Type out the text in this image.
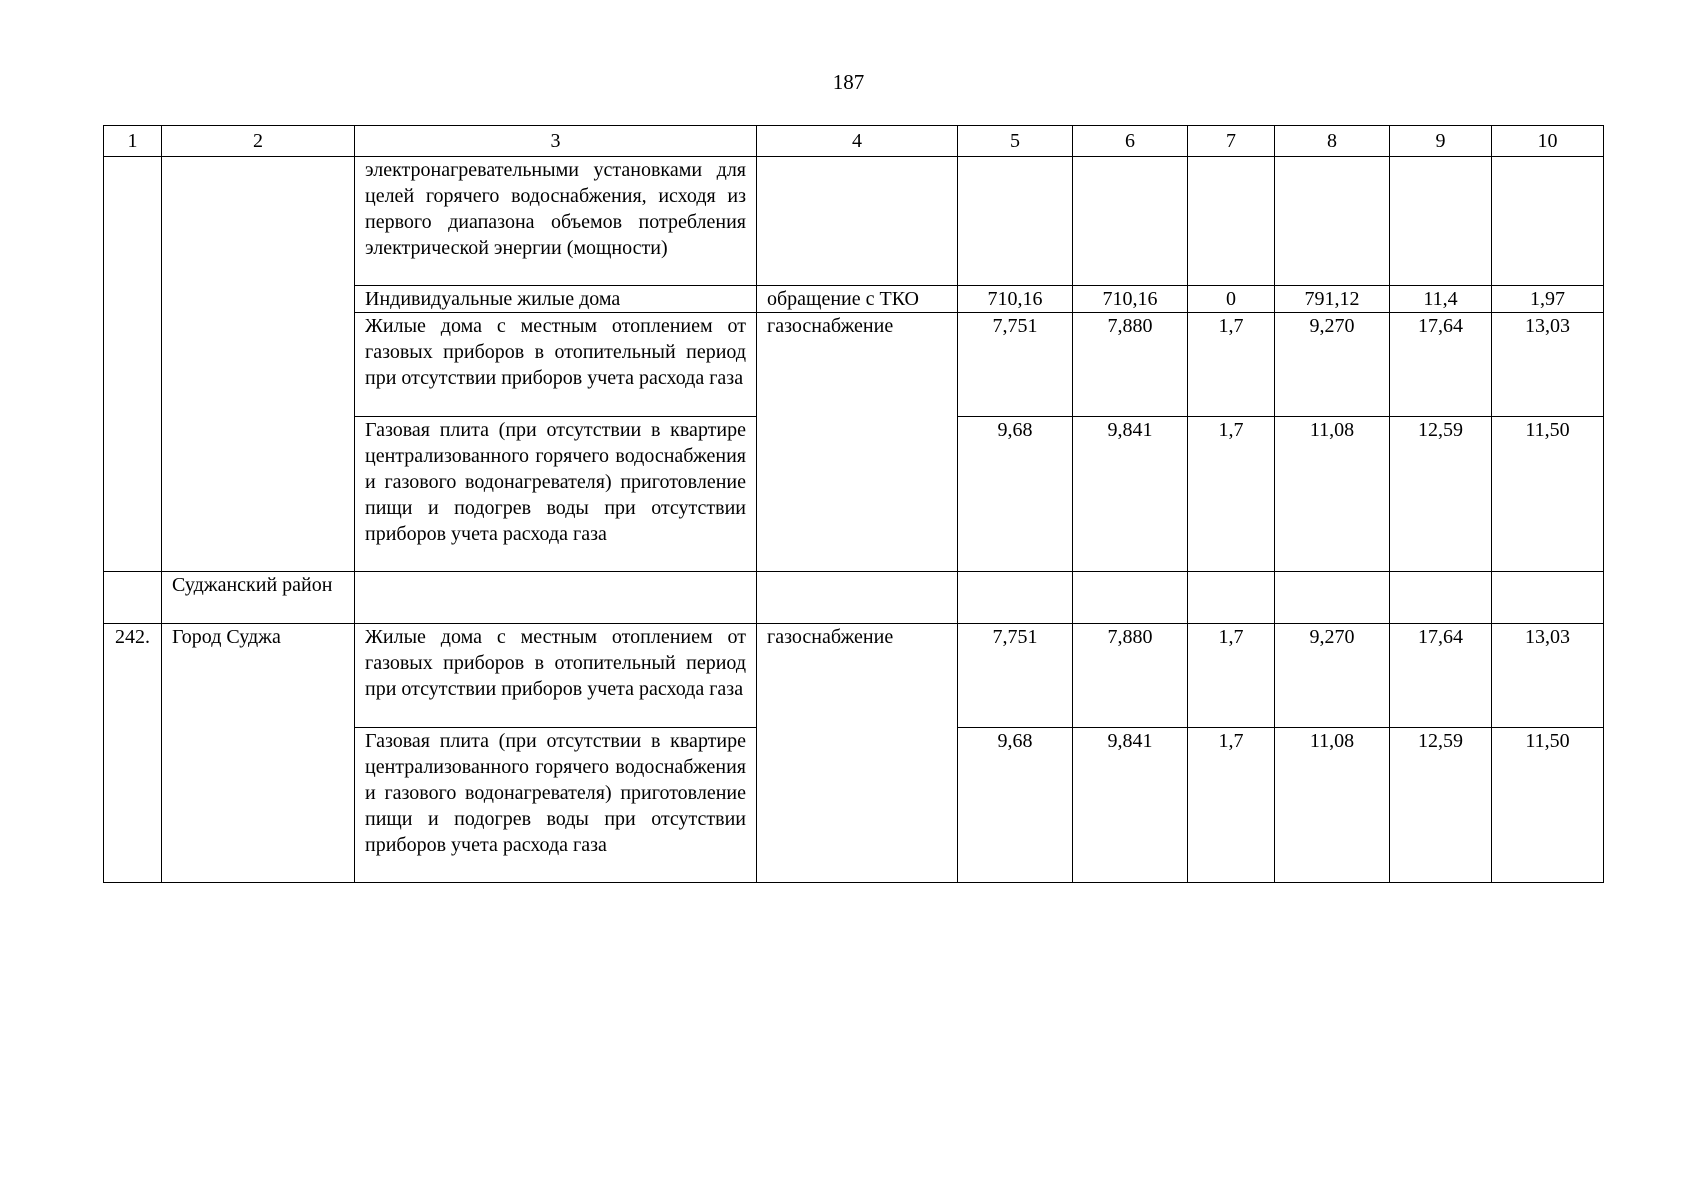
187
1	2	3	4	5	6	7	8	9	10
		электронагревательными установками для целей горячего водоснабжения, исходя из первого диапазона объемов потребления электрической энергии (мощности)							
		Индивидуальные жилые дома	обращение с ТКО	710,16	710,16	0	791,12	11,4	1,97
		Жилые дома с местным отоплением от газовых приборов в отопительный период при отсутствии приборов учета расхода газа	газоснабжение	7,751	7,880	1,7	9,270	17,64	13,03
		Газовая плита (при отсутствии в квартире централизованного горячего водоснабжения и газового водонагревателя) приготовление пищи и подогрев воды при отсутствии приборов учета расхода газа		9,68	9,841	1,7	11,08	12,59	11,50
	Суджанский район								
242.	Город Суджа	Жилые дома с местным отоплением от газовых приборов в отопительный период при отсутствии приборов учета расхода газа	газоснабжение	7,751	7,880	1,7	9,270	17,64	13,03
		Газовая плита (при отсутствии в квартире централизованного горячего водоснабжения и газового водонагревателя) приготовление пищи и подогрев воды при отсутствии приборов учета расхода газа		9,68	9,841	1,7	11,08	12,59	11,50
